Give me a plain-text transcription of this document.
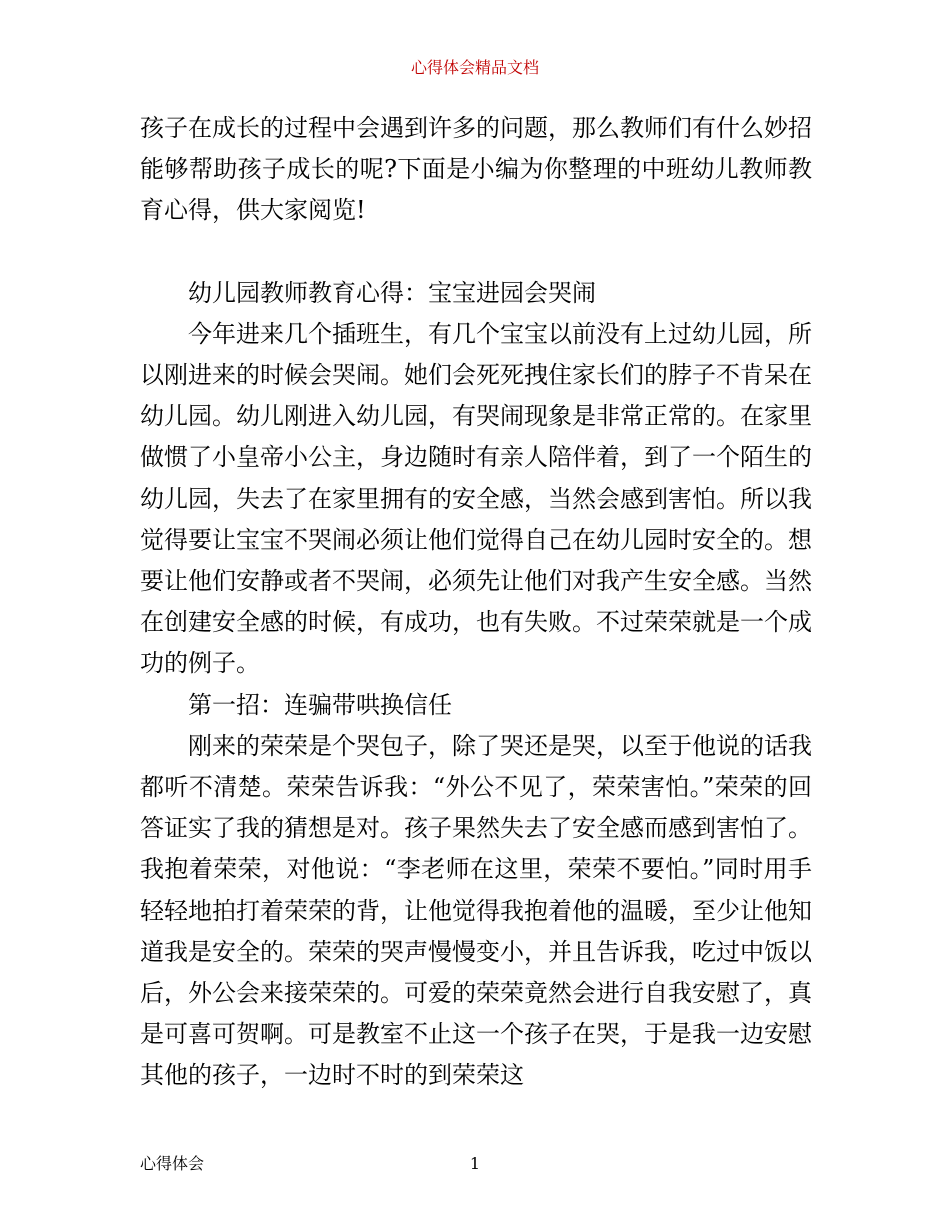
心得体会精品文档

孩子在成长的过程中会遇到许多的问题，那么教师们有什么妙招能够帮助孩子成长的呢?下面是小编为你整理的中班幼儿教师教育心得，供大家阅览!

幼儿园教师教育心得：宝宝进园会哭闹

今年进来几个插班生，有几个宝宝以前没有上过幼儿园，所以刚进来的时候会哭闹。她们会死死拽住家长们的脖子不肯呆在幼儿园。幼儿刚进入幼儿园，有哭闹现象是非常正常的。在家里做惯了小皇帝小公主，身边随时有亲人陪伴着，到了一个陌生的幼儿园，失去了在家里拥有的安全感，当然会感到害怕。所以我觉得要让宝宝不哭闹必须让他们觉得自己在幼儿园时安全的。想要让他们安静或者不哭闹，必须先让他们对我产生安全感。当然在创建安全感的时候，有成功，也有失败。不过荣荣就是一个成功的例子。

第一招：连骗带哄换信任

刚来的荣荣是个哭包子，除了哭还是哭，以至于他说的话我都听不清楚。荣荣告诉我：“外公不见了，荣荣害怕。”荣荣的回答证实了我的猜想是对。孩子果然失去了安全感而感到害怕了。我抱着荣荣，对他说：“李老师在这里，荣荣不要怕。”同时用手轻轻地拍打着荣荣的背，让他觉得我抱着他的温暖，至少让他知道我是安全的。荣荣的哭声慢慢变小，并且告诉我，吃过中饭以后，外公会来接荣荣的。可爱的荣荣竟然会进行自我安慰了，真是可喜可贺啊。可是教室不止这一个孩子在哭，于是我一边安慰其他的孩子，一边时不时的到荣荣这

心得体会	1
